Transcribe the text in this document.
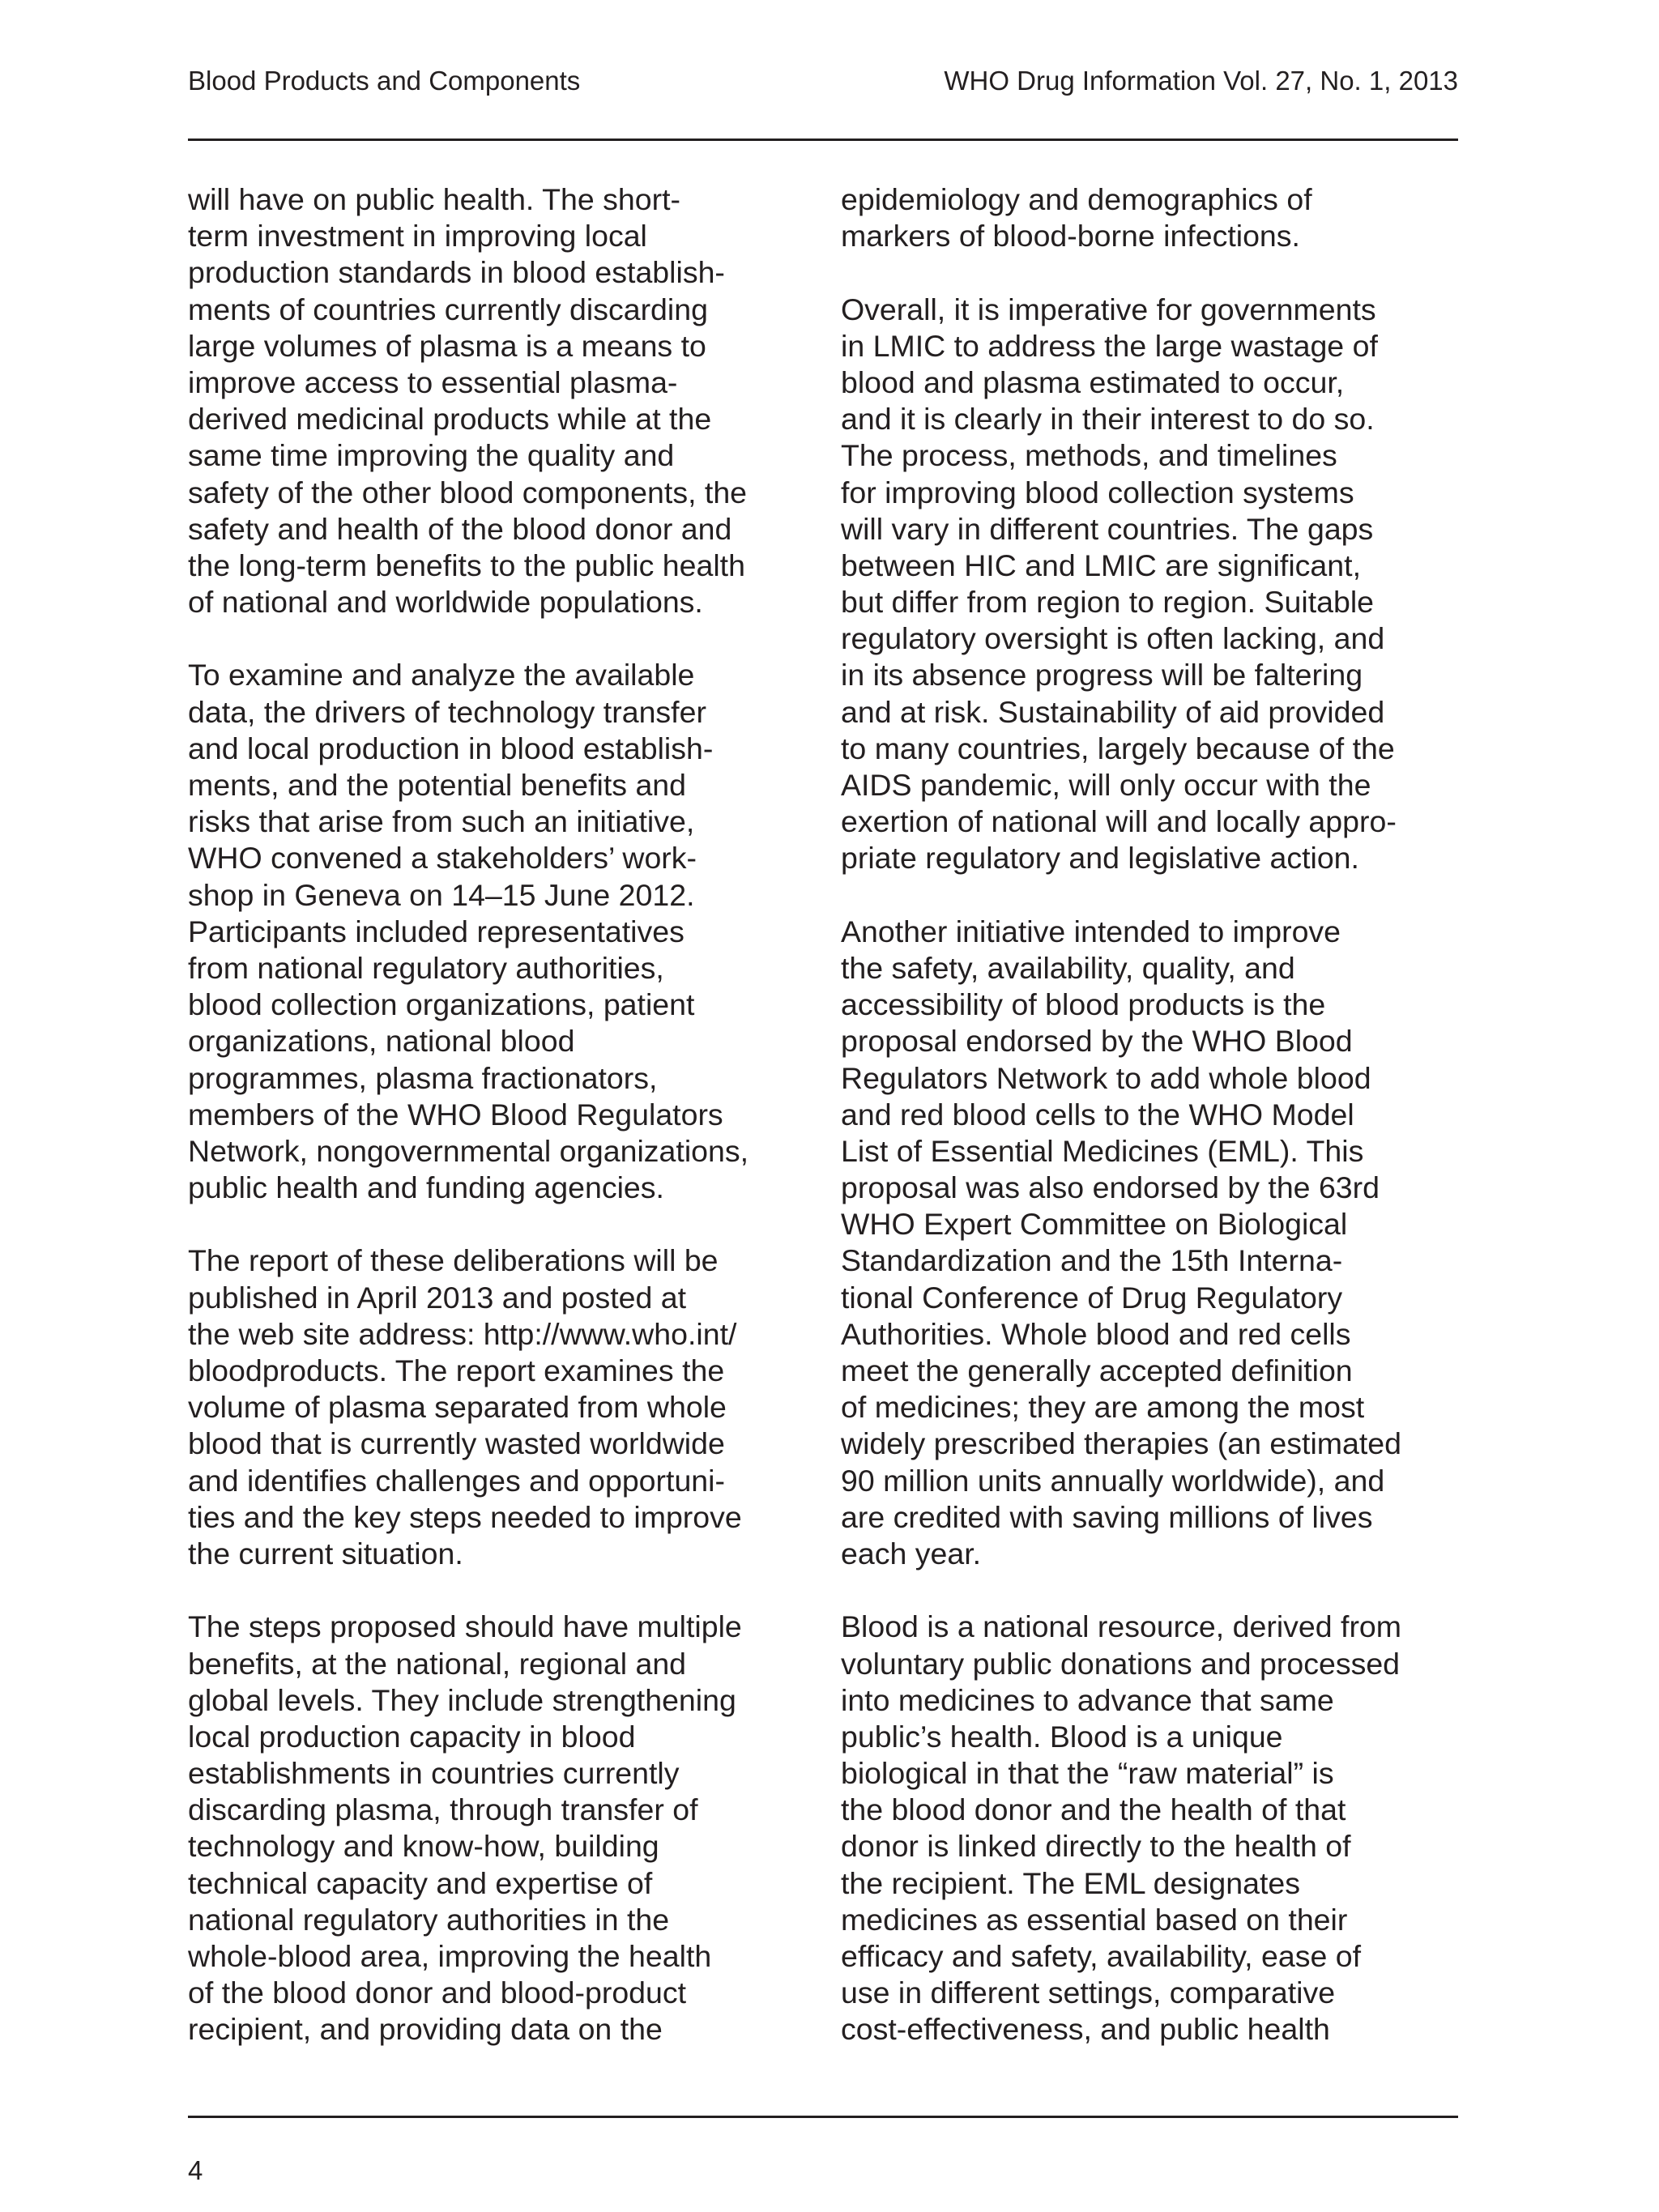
Blood Products and Components	WHO Drug Information Vol. 27, No. 1, 2013
will have on public health. The short-
term investment in improving local
production standards in blood establish-
ments of countries currently discarding
large volumes of plasma is a means to
improve access to essential plasma-
derived medicinal products while at the
same time improving the quality and
safety of the other blood components, the
safety and health of the blood donor and
the long-term benefits to the public health
of national and worldwide populations.
To examine and analyze the available
data, the drivers of technology transfer
and local production in blood establish-
ments, and the potential benefits and
risks that arise from such an initiative,
WHO convened a stakeholders’ work-
shop in Geneva on 14–15 June 2012.
Participants included representatives
from national regulatory authorities,
blood collection organizations, patient
organizations, national blood
programmes, plasma fractionators,
members of the WHO Blood Regulators
Network, nongovernmental organizations,
public health and funding agencies.
The report of these deliberations will be
published in April 2013 and posted at
the web site address: http://www.who.int/
bloodproducts. The report examines the
volume of plasma separated from whole
blood that is currently wasted worldwide
and identifies challenges and opportuni-
ties and the key steps needed to improve
the current situation.
The steps proposed should have multiple
benefits, at the national, regional and
global levels. They include strengthening
local production capacity in blood
establishments in countries currently
discarding plasma, through transfer of
technology and know-how, building
technical capacity and expertise of
national regulatory authorities in the
whole-blood area, improving the health
of the blood donor and blood-product
recipient, and providing data on the
epidemiology and demographics of
markers of blood-borne infections.
Overall, it is imperative for governments
in LMIC to address the large wastage of
blood and plasma estimated to occur,
and it is clearly in their interest to do so.
The process, methods, and timelines
for improving blood collection systems
will vary in different countries. The gaps
between HIC and LMIC are significant,
but differ from region to region. Suitable
regulatory oversight is often lacking, and
in its absence progress will be faltering
and at risk. Sustainability of aid provided
to many countries, largely because of the
AIDS pandemic, will only occur with the
exertion of national will and locally appro-
priate regulatory and legislative action.
Another initiative intended to improve
the safety, availability, quality, and
accessibility of blood products is the
proposal endorsed by the WHO Blood
Regulators Network to add whole blood
and red blood cells to the WHO Model
List of Essential Medicines (EML). This
proposal was also endorsed by the 63rd
WHO Expert Committee on Biological
Standardization and the 15th Interna-
tional Conference of Drug Regulatory
Authorities. Whole blood and red cells
meet the generally accepted definition
of medicines; they are among the most
widely prescribed therapies (an estimated
90 million units annually worldwide), and
are credited with saving millions of lives
each year.
Blood is a national resource, derived from
voluntary public donations and processed
into medicines to advance that same
public’s health. Blood is a unique
biological in that the “raw material” is
the blood donor and the health of that
donor is linked directly to the health of
the recipient. The EML designates
medicines as essential based on their
efficacy and safety, availability, ease of
use in different settings, comparative
cost-effectiveness, and public health
4
